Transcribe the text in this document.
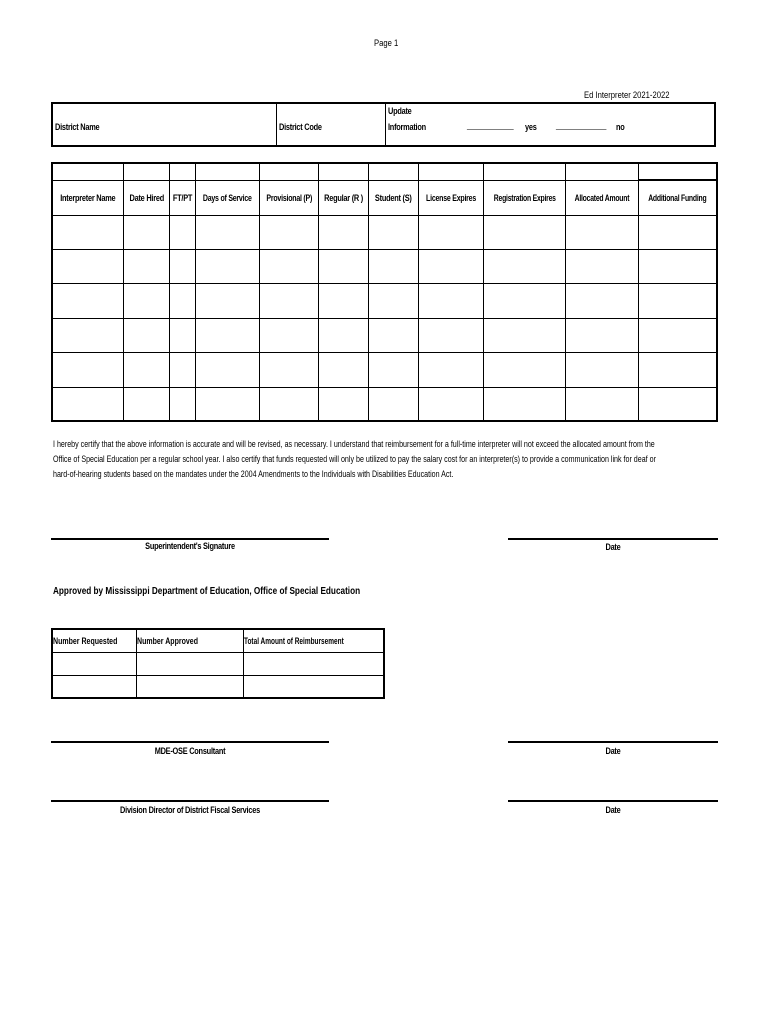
Page 1
Ed Interpreter 2021-2022
District Name	District Code
Update
Information	____________ yes _____________ no

Interpreter Name	Date Hired	FT/PT	Days of Service	Provisional (P)	Regular (R )	Student (S)	License Expires	Registration Expires	Allocated Amount	Additional Funding

I hereby certify that the above information is accurate and will be revised, as necessary. I understand that reimbursement for a full-time interpreter will not exceed the allocated amount from the
Office of Special Education per a regular school year. I also certify that funds requested will only be utilized to pay the salary cost for an interpreter(s) to provide a communication link for deaf or
hard-of-hearing students based on the mandates under the 2004 Amendments to the Individuals with Disabilities Education Act.
Superintendent's Signature	Date
Approved by Mississippi Department of Education, Office of Special Education
Number Requested	Number Approved	Total Amount of Reimbursement

MDE-OSE Consultant	Date
Division Director of District Fiscal Services	Date
